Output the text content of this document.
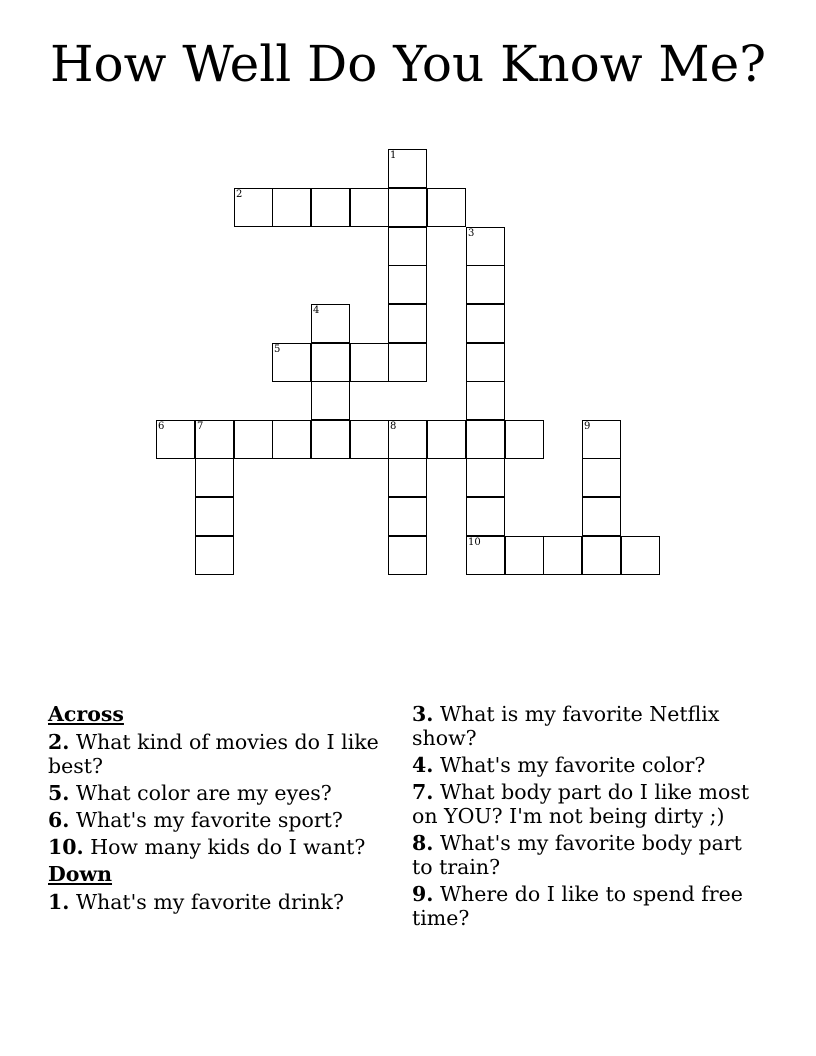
How Well Do You Know Me?
1
2
3
4
5
6	7	8	9
10
Across
2. What kind of movies do I like best?
5. What color are my eyes?
6. What's my favorite sport?
10. How many kids do I want?
Down
1. What's my favorite drink?
3. What is my favorite Netflix show?
4. What's my favorite color?
7. What body part do I like most on YOU? I'm not being dirty ;)
8. What's my favorite body part to train?
9. Where do I like to spend free time?
